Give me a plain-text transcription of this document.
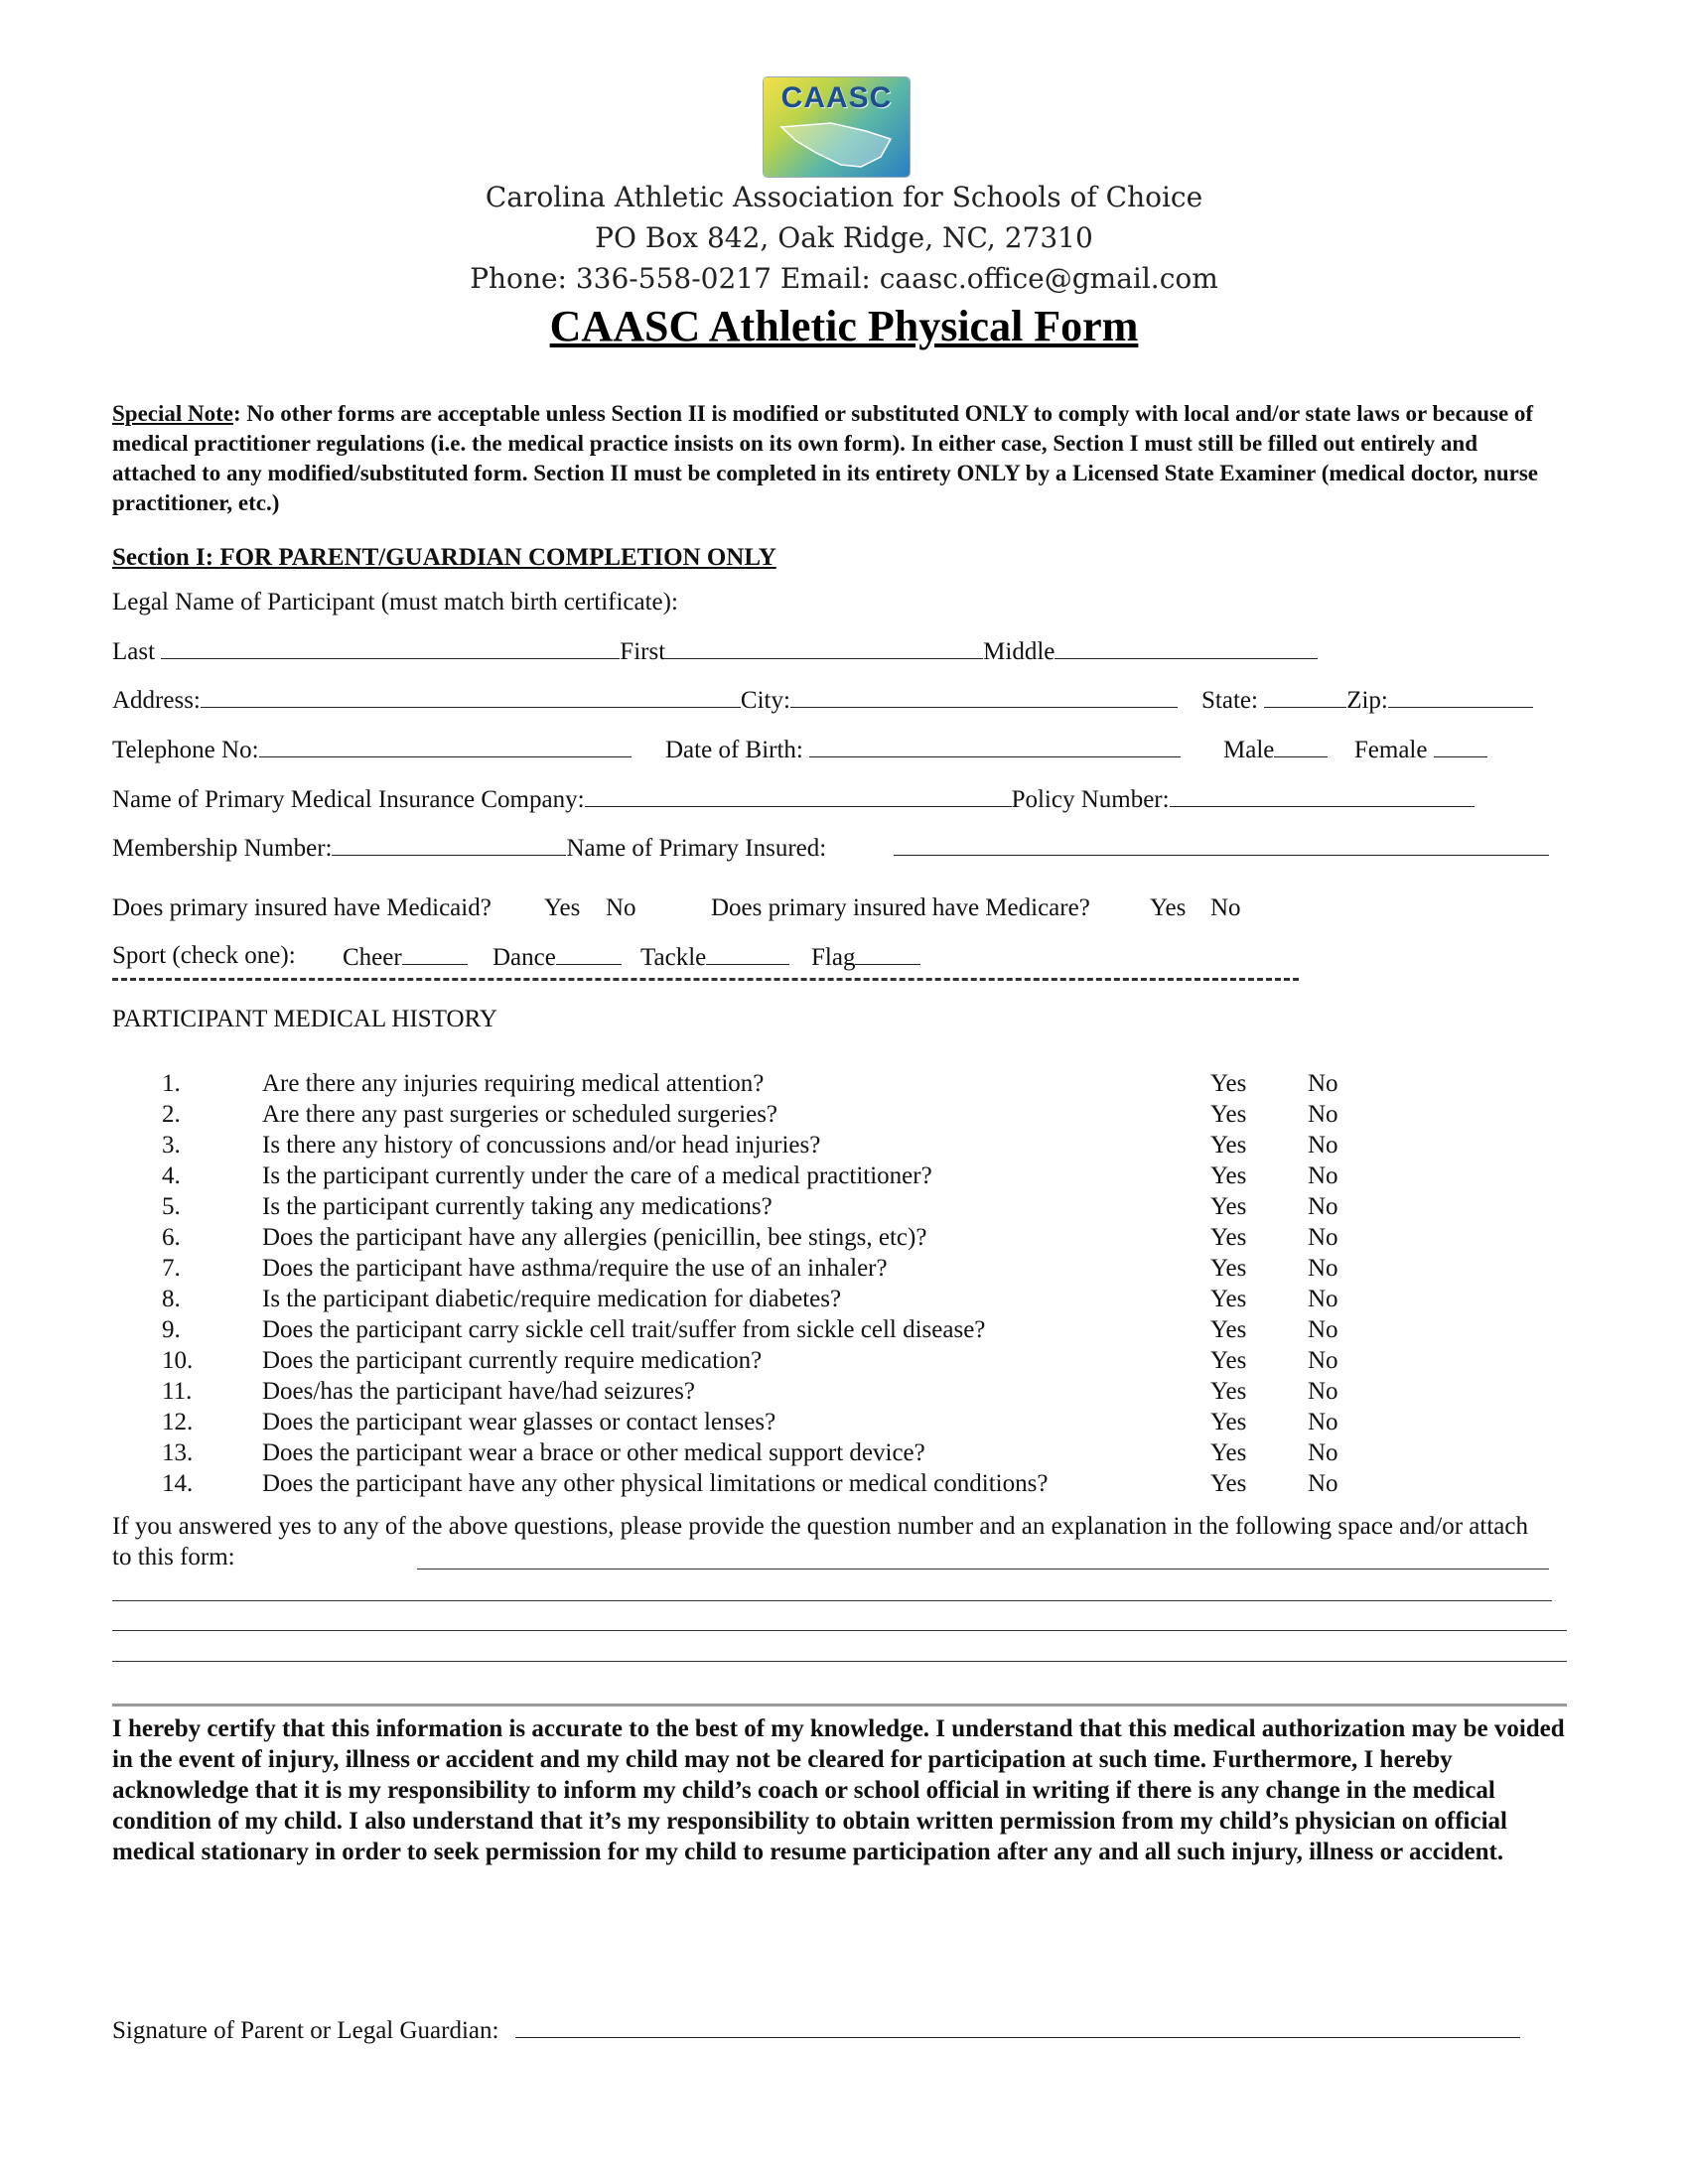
CAASC
Carolina Athletic Association for Schools of Choice
PO Box 842, Oak Ridge, NC, 27310
Phone: 336-558-0217 Email: caasc.office@gmail.com
CAASC Athletic Physical Form
Special Note: No other forms are acceptable unless Section II is modified or substituted ONLY to comply with local and/or state laws or because of medical practitioner regulations (i.e. the medical practice insists on its own form). In either case, Section I must still be filled out entirely and attached to any modified/substituted form. Section II must be completed in its entirety ONLY by a Licensed State Examiner (medical doctor, nurse practitioner, etc.)
Section I: FOR PARENT/GUARDIAN COMPLETION ONLY
Legal Name of Participant (must match birth certificate):
Last	First	Middle
Address:	City:	State:	Zip:
Telephone No:	Date of Birth:	Male	Female
Name of Primary Medical Insurance Company:	Policy Number:
Membership Number:	Name of Primary Insured:
Does primary insured have Medicaid? Yes No	Does primary insured have Medicare? Yes No
Sport (check one): Cheer	Dance	Tackle	Flag
PARTICIPANT MEDICAL HISTORY
1.	Are there any injuries requiring medical attention?	Yes No
2.	Are there any past surgeries or scheduled surgeries?	Yes No
3.	Is there any history of concussions and/or head injuries?	Yes No
4.	Is the participant currently under the care of a medical practitioner?	Yes No
5.	Is the participant currently taking any medications?	Yes No
6.	Does the participant have any allergies (penicillin, bee stings, etc)?	Yes No
7.	Does the participant have asthma/require the use of an inhaler?	Yes No
8.	Is the participant diabetic/require medication for diabetes?	Yes No
9.	Does the participant carry sickle cell trait/suffer from sickle cell disease?	Yes No
10.	Does the participant currently require medication?	Yes No
11.	Does/has the participant have/had seizures?	Yes No
12.	Does the participant wear glasses or contact lenses?	Yes No
13.	Does the participant wear a brace or other medical support device?	Yes No
14.	Does the participant have any other physical limitations or medical conditions?	Yes No
If you answered yes to any of the above questions, please provide the question number and an explanation in the following space and/or attach to this form:
I hereby certify that this information is accurate to the best of my knowledge. I understand that this medical authorization may be voided in the event of injury, illness or accident and my child may not be cleared for participation at such time. Furthermore, I hereby acknowledge that it is my responsibility to inform my child’s coach or school official in writing if there is any change in the medical condition of my child. I also understand that it’s my responsibility to obtain written permission from my child’s physician on official medical stationary in order to seek permission for my child to resume participation after any and all such injury, illness or accident.
Signature of Parent or Legal Guardian:
